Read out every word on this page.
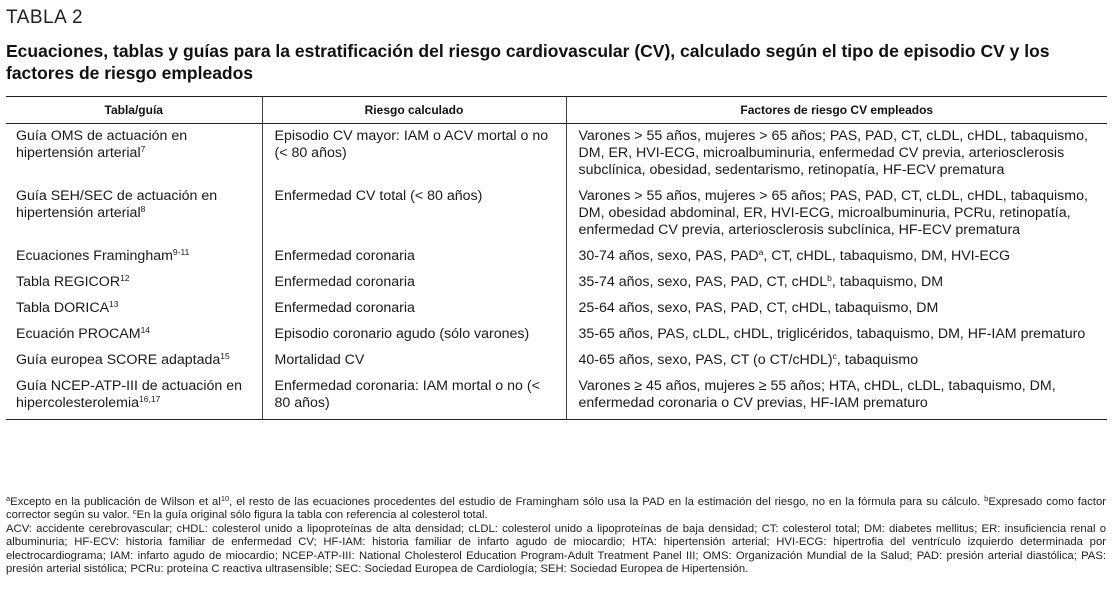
TABLA 2
Ecuaciones, tablas y guías para la estratificación del riesgo cardiovascular (CV), calculado según el tipo de episodio CV y los factores de riesgo empleados
Tabla/guía	Riesgo calculado	Factores de riesgo CV empleados
Guía OMS de actuación en hipertensión arterial$^7$	Episodio CV mayor: IAM o ACV mortal o no (< 80 años)	Varones > 55 años, mujeres > 65 años; PAS, PAD, CT, cLDL, cHDL, tabaquismo, DM, ER, HVI-ECG, microalbuminuria, enfermedad CV previa, arteriosclerosis subclínica, obesidad, sedentarismo, retinopatía, HF-ECV prematura
Guía SEH/SEC de actuación en hipertensión arterial$^8$	Enfermedad CV total (< 80 años)	Varones > 55 años, mujeres > 65 años; PAS, PAD, CT, cLDL, cHDL, tabaquismo, DM, obesidad abdominal, ER, HVI-ECG, microalbuminuria, PCRu, retinopatía, enfermedad CV previa, arteriosclerosis subclínica, HF-ECV prematura
Ecuaciones Framingham$^{9-11}$	Enfermedad coronaria	30-74 años, sexo, PAS, PAD$^a$, CT, cHDL, tabaquismo, DM, HVI-ECG
Tabla REGICOR$^{12}$	Enfermedad coronaria	35-74 años, sexo, PAS, PAD, CT, cHDL$^b$, tabaquismo, DM
Tabla DORICA$^{13}$	Enfermedad coronaria	25-64 años, sexo, PAS, PAD, CT, cHDL, tabaquismo, DM
Ecuación PROCAM$^{14}$	Episodio coronario agudo (sólo varones)	35-65 años, PAS, cLDL, cHDL, triglicéridos, tabaquismo, DM, HF-IAM prematuro
Guía europea SCORE adaptada$^{15}$	Mortalidad CV	40-65 años, sexo, PAS, CT (o CT/cHDL)$^c$, tabaquismo
Guía NCEP-ATP-III de actuación en hipercolesterolemia$^{16,17}$	Enfermedad coronaria: IAM mortal o no (< 80 años)	Varones ≥ 45 años, mujeres ≥ 55 años; HTA, cHDL, cLDL, tabaquismo, DM, enfermedad coronaria o CV previas, HF-IAM prematuro
$^a$Excepto en la publicación de Wilson et $al^{10}$, el resto de las ecuaciones procedentes del estudio de Framingham sólo usa la PAD en la estimación del riesgo, no en la fórmula para su cálculo. $^b$Expresado como factor corrector según su valor. $^c$En la guía original sólo figura la tabla con referencia al colesterol total.
ACV: accidente cerebrovascular; cHDL: colesterol unido a lipoproteínas de alta densidad; cLDL: colesterol unido a lipoproteínas de baja densidad; CT: colesterol total; DM: diabetes mellitus; ER: insuficiencia renal o albuminuria; HF-ECV: historia familiar de enfermedad CV; HF-IAM: historia familiar de infarto agudo de miocardio; HTA: hipertensión arterial; HVI-ECG: hipertrofia del ventrículo izquierdo determinada por electrocardiograma; IAM: infarto agudo de miocardio; NCEP-ATP-III: National Cholesterol Education Program-Adult Treatment Panel III; OMS: Organización Mundial de la Salud; PAD: presión arterial diastólica; PAS: presión arterial sistólica; PCRu: proteína C reactiva ultrasensible; SEC: Sociedad Europea de Cardiología; SEH: Sociedad Europea de Hipertensión.
